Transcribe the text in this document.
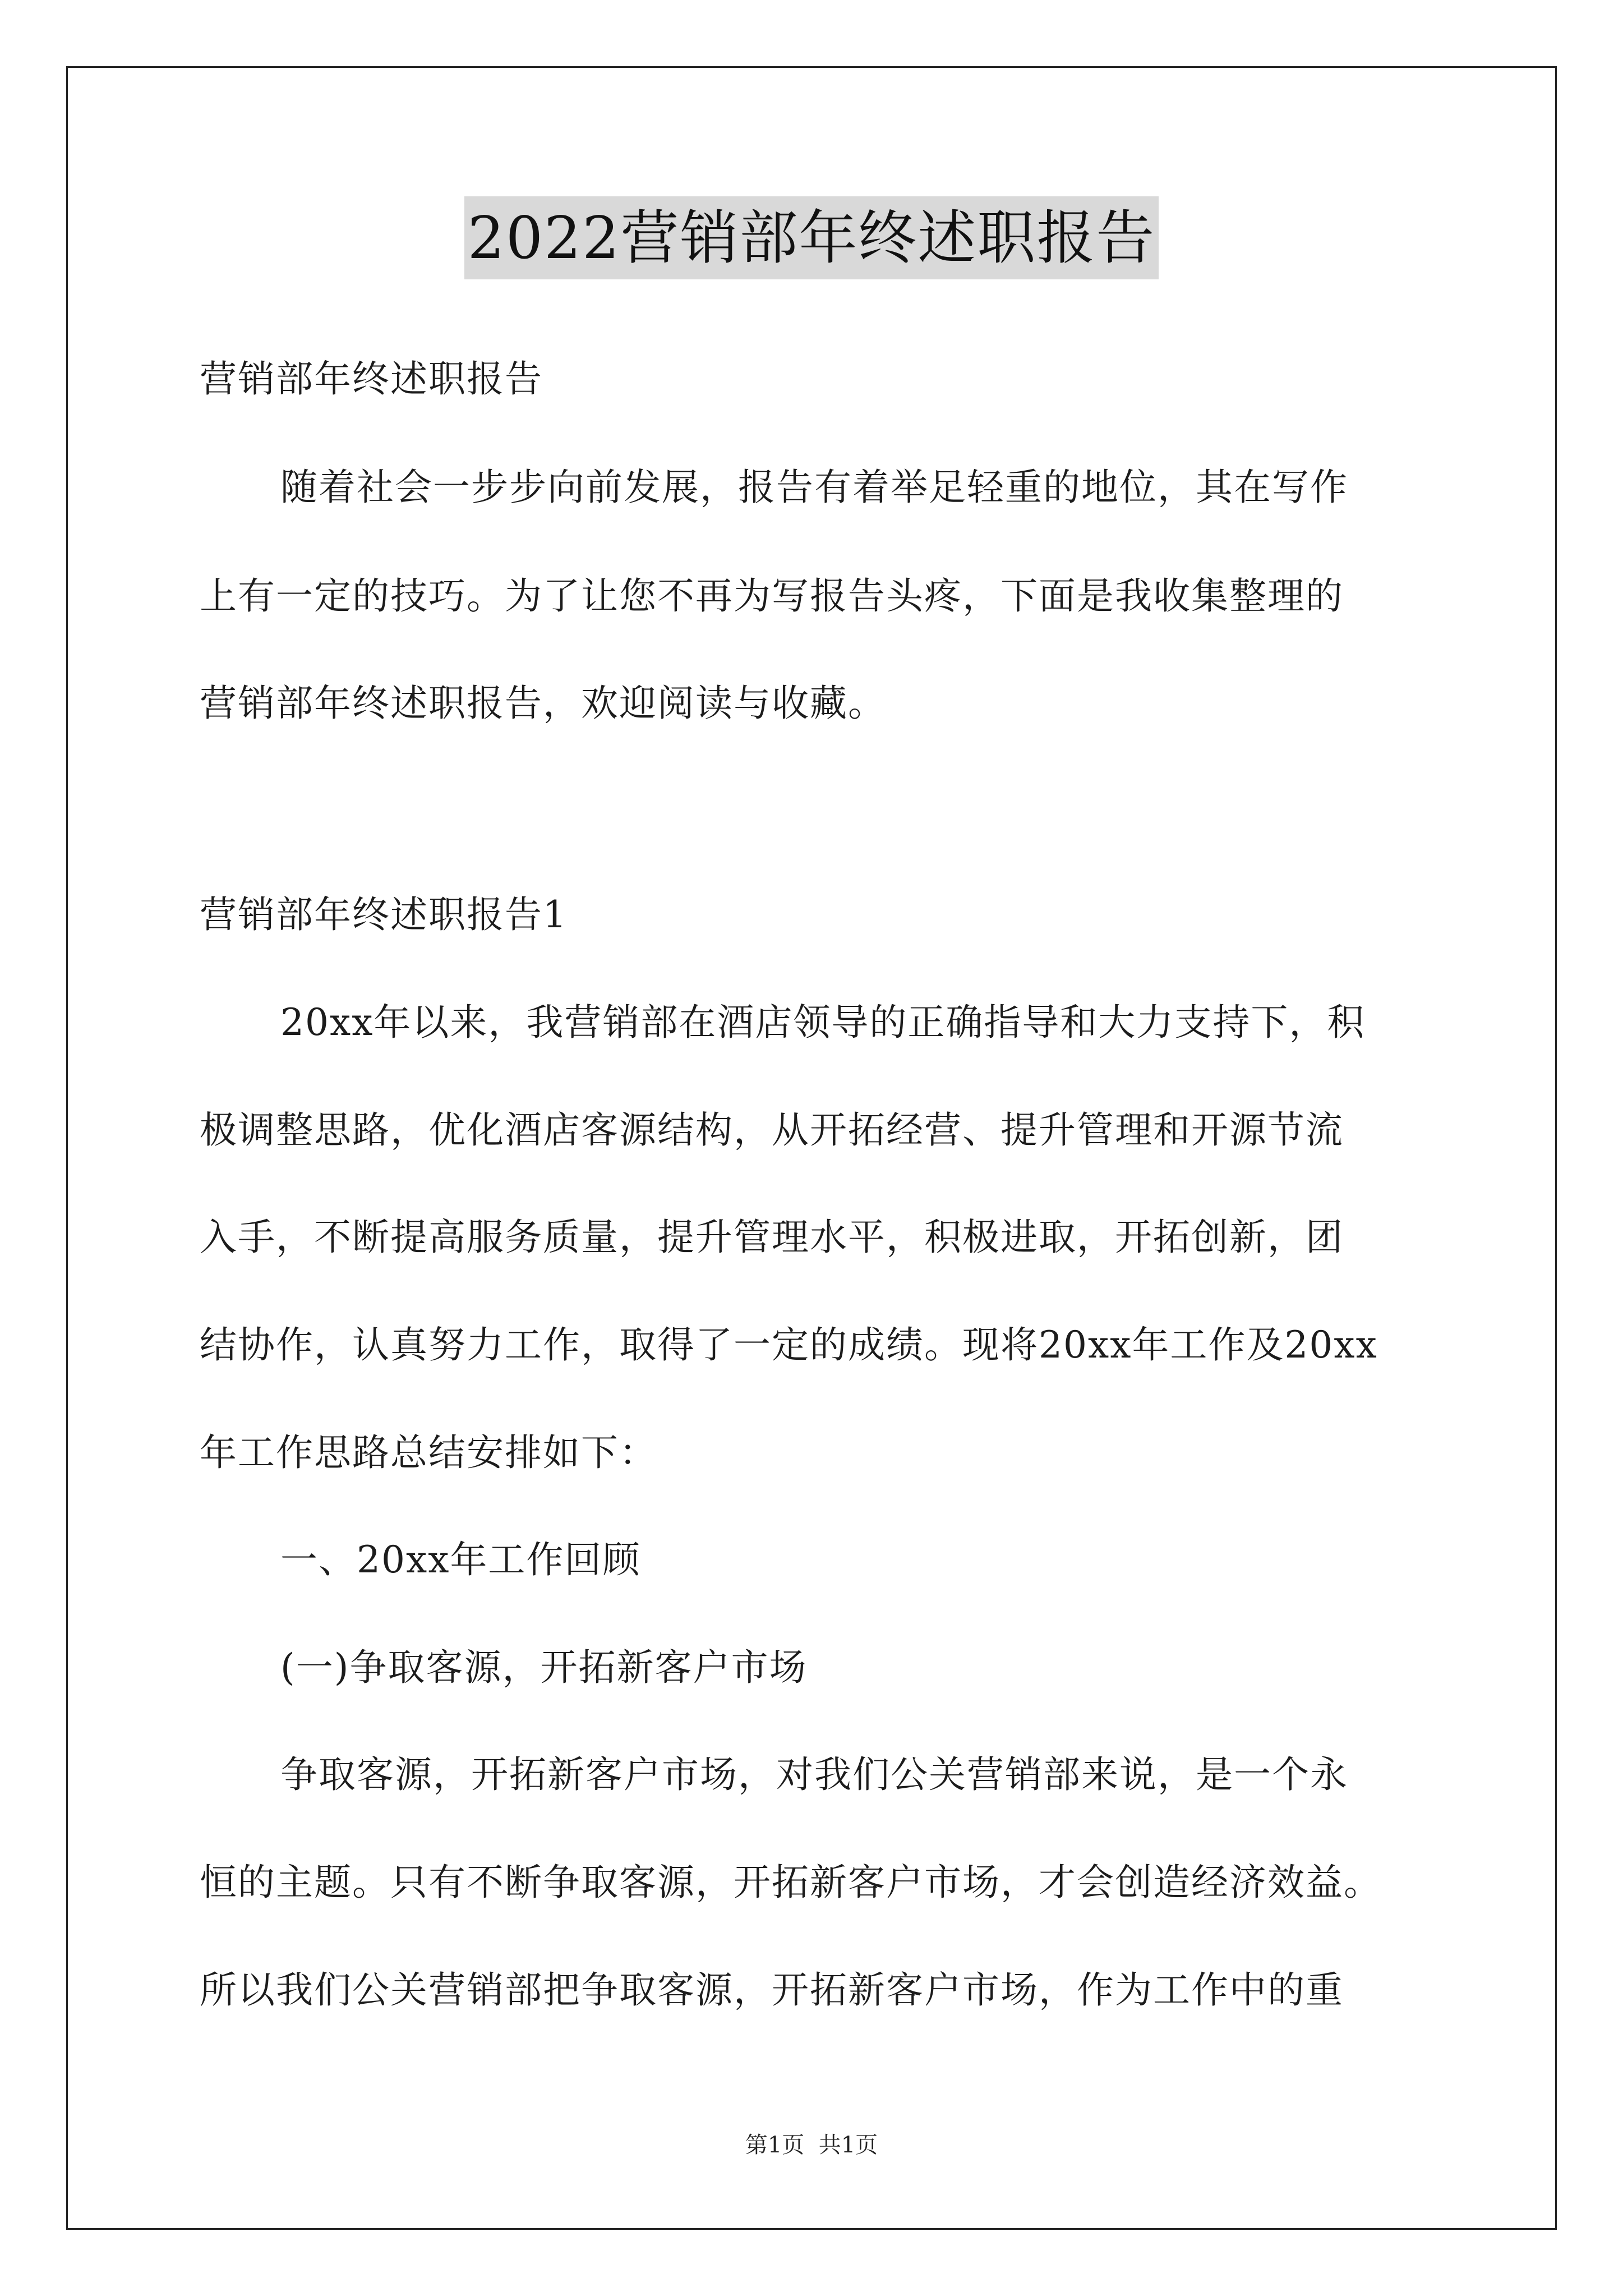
2022营销部年终述职报告
营销部年终述职报告
随着社会一步步向前发展，报告有着举足轻重的地位，其在写作
上有一定的技巧。为了让您不再为写报告头疼，下面是我收集整理的
营销部年终述职报告，欢迎阅读与收藏。
营销部年终述职报告1
20xx年以来，我营销部在酒店领导的正确指导和大力支持下，积
极调整思路，优化酒店客源结构，从开拓经营、提升管理和开源节流
入手，不断提高服务质量，提升管理水平，积极进取，开拓创新，团
结协作，认真努力工作，取得了一定的成绩。现将20xx年工作及20xx
年工作思路总结安排如下：
一、20xx年工作回顾
(一)争取客源，开拓新客户市场
争取客源，开拓新客户市场，对我们公关营销部来说，是一个永
恒的主题。只有不断争取客源，开拓新客户市场，才会创造经济效益。
所以我们公关营销部把争取客源，开拓新客户市场，作为工作中的重
第1页  共1页
